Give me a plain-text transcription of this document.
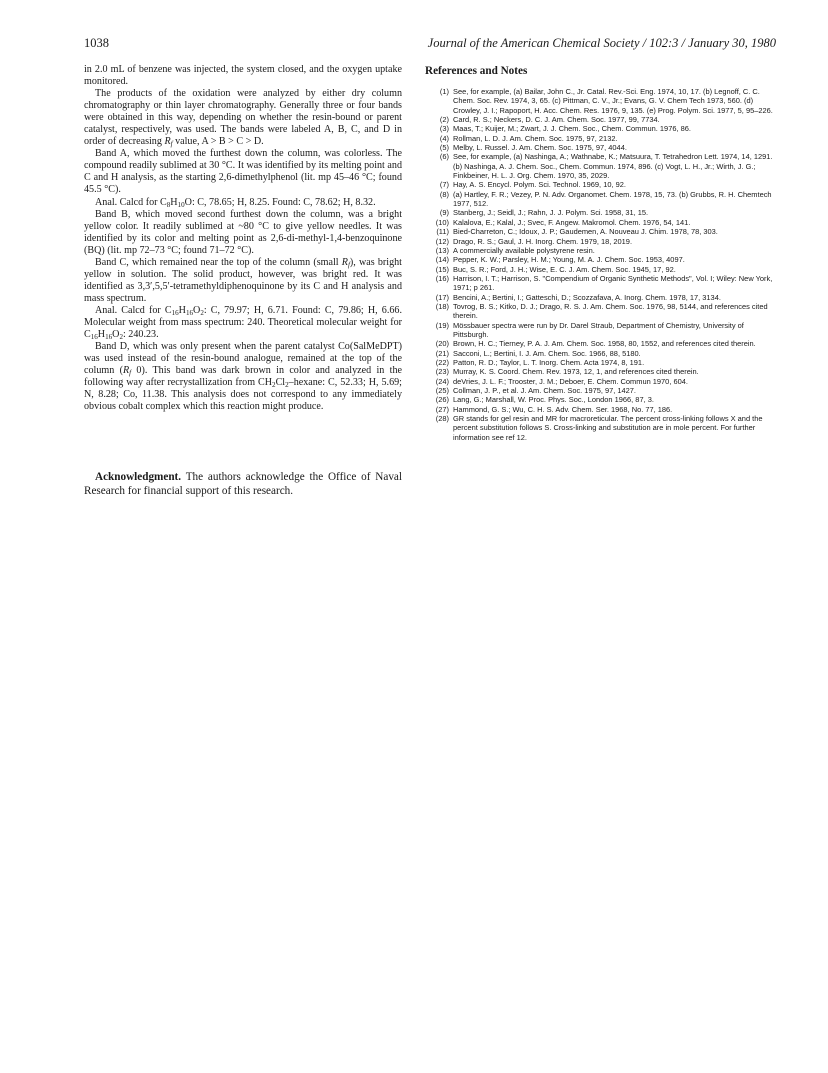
1038	Journal of the American Chemical Society / 102:3 / January 30, 1980

in 2.0 mL of benzene was injected, the system closed, and the oxygen uptake monitored.

The products of the oxidation were analyzed by either dry column chromatography or thin layer chromatography. Generally three or four bands were obtained in this way, depending on whether the resin-bound or parent catalyst, respectively, was used. The bands were labeled A, B, C, and D in order of decreasing $R_f$ value, A > B > C > D.

Band A, which moved the furthest down the column, was colorless. The compound readily sublimed at 30 °C. It was identified by its melting point and C and H analysis, as the starting 2,6-dimethylphenol (lit. mp 45–46 °C; found 45.5 °C).

Anal. Calcd for $C_8H_{10}O$: C, 78.65; H, 8.25. Found: C, 78.62; H, 8.32.

Band B, which moved second furthest down the column, was a bright yellow color. It readily sublimed at ~80 °C to give yellow needles. It was identified by its color and melting point as 2,6-di-methyl-1,4-benzoquinone (BQ) (lit. mp 72–73 °C; found 71–72 °C).

Band C, which remained near the top of the column (small $R_f$), was bright yellow in solution. The solid product, however, was bright red. It was identified as 3,3′,5,5′-tetramethyldiphenoquinone by its C and H analysis and mass spectrum.

Anal. Calcd for $C_{16}H_{16}O_2$: C, 79.97; H, 6.71. Found: C, 79.86; H, 6.66. Molecular weight from mass spectrum: 240. Theoretical molecular weight for $C_{16}H_{16}O_2$: 240.23.

Band D, which was only present when the parent catalyst Co(SalMeDPT) was used instead of the resin-bound analogue, remained at the top of the column ($R_f$ 0). This band was dark brown in color and analyzed in the following way after recrystallization from $CH_2Cl_2$–hexane: C, 52.33; H, 5.69; N, 8.28; Co, 11.38. This analysis does not correspond to any immediately obvious cobalt complex which this reaction might produce.

Acknowledgment. The authors acknowledge the Office of Naval Research for financial support of this research.

References and Notes
(1) See, for example, (a) Bailar, John C., Jr. Catal. Rev.-Sci. Eng. 1974, 10, 17. (b) Legnoff, C. C. Chem. Soc. Rev. 1974, 3, 65. (c) Pittman, C. V., Jr.; Evans, G. V. Chem Tech 1973, 560. (d) Crowley, J. I.; Rapoport, H. Acc. Chem. Res. 1976, 9, 135. (e) Prog. Polym. Sci. 1977, 5, 95–226.
(2) Card, R. S.; Neckers, D. C. J. Am. Chem. Soc. 1977, 99, 7734.
(3) Maas, T.; Kuijer, M.; Zwart, J. J. Chem. Soc., Chem. Commun. 1976, 86.
(4) Rollman, L. D. J. Am. Chem. Soc. 1975, 97, 2132.
(5) Melby, L. Russel. J. Am. Chem. Soc. 1975, 97, 4044.
(6) See, for example, (a) Nashinga, A.; Wathnabe, K.; Matsuura, T. Tetrahedron Lett. 1974, 14, 1291. (b) Nashinga, A. J. Chem. Soc., Chem. Commun. 1974, 896. (c) Vogt, L. H., Jr.; Wirth, J. G.; Finkbeiner, H. L. J. Org. Chem. 1970, 35, 2029.
(7) Hay, A. S. Encycl. Polym. Sci. Technol. 1969, 10, 92.
(8) (a) Hartley, F. R.; Vezey, P. N. Adv. Organomet. Chem. 1978, 15, 73. (b) Grubbs, R. H. Chemtech 1977, 512.
(9) Stanberg, J.; Seidl, J.; Rahn, J. J. Polym. Sci. 1958, 31, 15.
(10) Kalalova, E.; Kalal, J.; Svec, F. Angew. Makromol. Chem. 1976, 54, 141.
(11) Bied-Charreton, C.; Idoux, J. P.; Gaudemen, A. Nouveau J. Chim. 1978, 78, 303.
(12) Drago, R. S.; Gaul, J. H. Inorg. Chem. 1979, 18, 2019.
(13) A commercially available polystyrene resin.
(14) Pepper, K. W.; Parsley, H. M.; Young, M. A. J. Chem. Soc. 1953, 4097.
(15) Buc, S. R.; Ford, J. H.; Wise, E. C. J. Am. Chem. Soc. 1945, 17, 92.
(16) Harrison, I. T.; Harrison, S. "Compendium of Organic Synthetic Methods", Vol. I; Wiley: New York, 1971; p 261.
(17) Bencini, A.; Bertini, I.; Gatteschi, D.; Scozzafava, A. Inorg. Chem. 1978, 17, 3134.
(18) Tovrog, B. S.; Kitko, D. J.; Drago, R. S. J. Am. Chem. Soc. 1976, 98, 5144, and references cited therein.
(19) Mössbauer spectra were run by Dr. Darel Straub, Department of Chemistry, University of Pittsburgh.
(20) Brown, H. C.; Tierney, P. A. J. Am. Chem. Soc. 1958, 80, 1552, and references cited therein.
(21) Sacconi, L.; Bertini, I. J. Am. Chem. Soc. 1966, 88, 5180.
(22) Patton, R. D.; Taylor, L. T. Inorg. Chem. Acta 1974, 8, 191.
(23) Murray, K. S. Coord. Chem. Rev. 1973, 12, 1, and references cited therein.
(24) deVries, J. L. F.; Trooster, J. M.; Deboer, E. Chem. Commun 1970, 604.
(25) Collman, J. P., et al. J. Am. Chem. Soc. 1975, 97, 1427.
(26) Lang, G.; Marshall, W. Proc. Phys. Soc., London 1966, 87, 3.
(27) Hammond, G. S.; Wu, C. H. S. Adv. Chem. Ser. 1968, No. 77, 186.
(28) GR stands for gel resin and MR for macroreticular. The percent cross-linking follows X and the percent substitution follows S. Cross-linking and substitution are in mole percent. For further information see ref 12.
